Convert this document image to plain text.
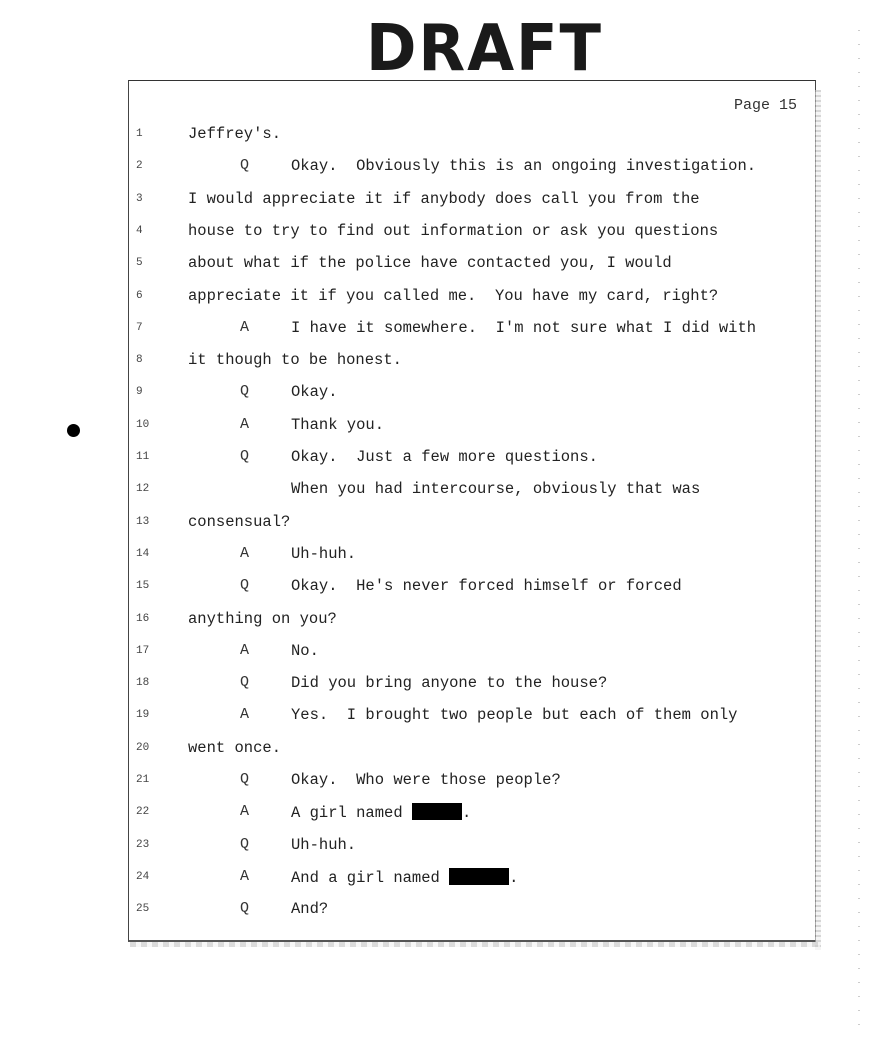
DRAFT
Page 15
1	Jeffrey's.
2	Q	Okay.  Obviously this is an ongoing investigation.
3	I would appreciate it if anybody does call you from the
4	house to try to find out information or ask you questions
5	about what if the police have contacted you, I would
6	appreciate it if you called me.  You have my card, right?
7	A	I have it somewhere.  I'm not sure what I did with
8	it though to be honest.
9	Q	Okay.
10	A	Thank you.
11	Q	Okay.  Just a few more questions.
12	When you had intercourse, obviously that was
13	consensual?
14	A	Uh-huh.
15	Q	Okay.  He's never forced himself or forced
16	anything on you?
17	A	No.
18	Q	Did you bring anyone to the house?
19	A	Yes.  I brought two people but each of them only
20	went once.
21	Q	Okay.  Who were those people?
22	A	A girl named	.
23	Q	Uh-huh.
24	A	And a girl named	.
25	Q	And?
